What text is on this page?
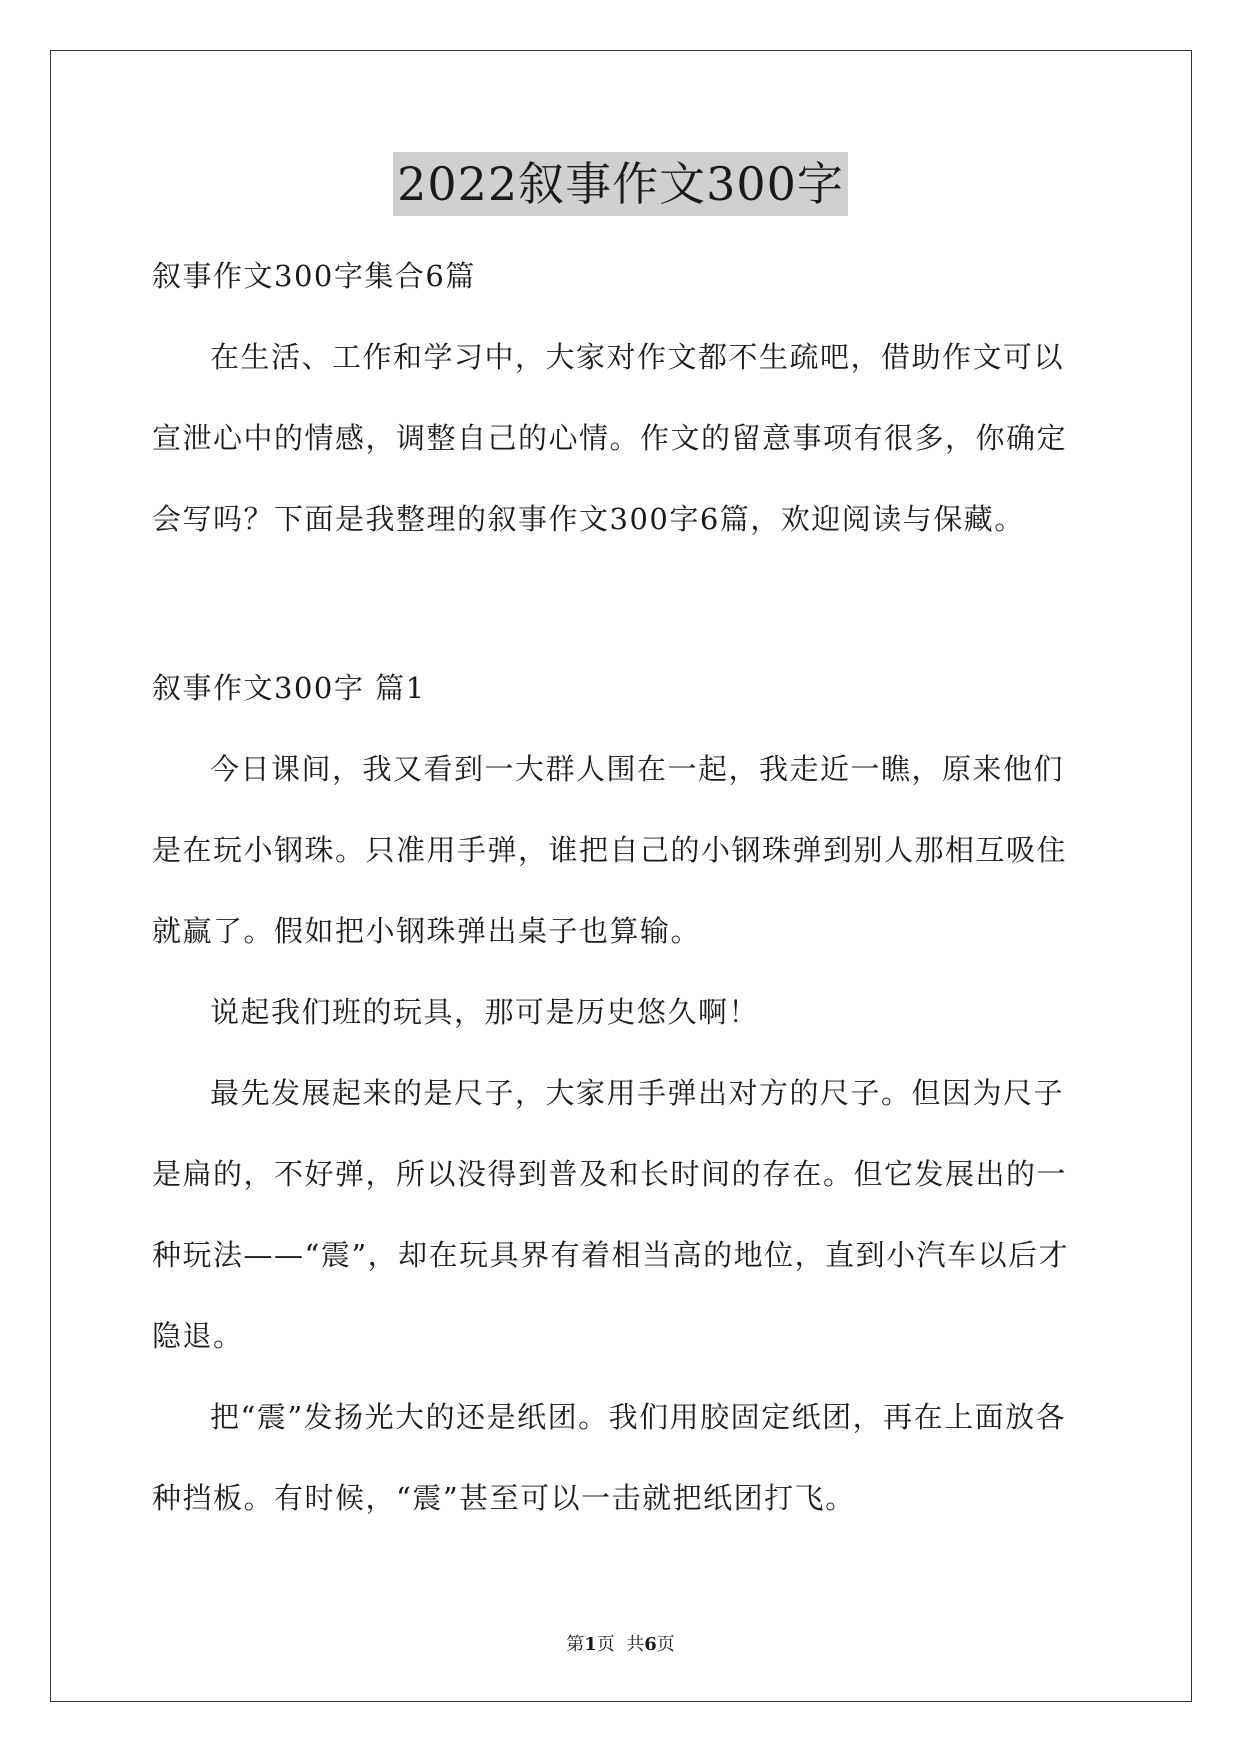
2022叙事作文300字

叙事作文300字集合6篇

在生活、工作和学习中，大家对作文都不生疏吧，借助作文可以宣泄心中的情感，调整自己的心情。作文的留意事项有很多，你确定会写吗？下面是我整理的叙事作文300字6篇，欢迎阅读与保藏。

叙事作文300字 篇1

今日课间，我又看到一大群人围在一起，我走近一瞧，原来他们是在玩小钢珠。只准用手弹，谁把自己的小钢珠弹到别人那相互吸住就赢了。假如把小钢珠弹出桌子也算输。

说起我们班的玩具，那可是历史悠久啊！

最先发展起来的是尺子，大家用手弹出对方的尺子。但因为尺子是扁的，不好弹，所以没得到普及和长时间的存在。但它发展出的一种玩法——“震”，却在玩具界有着相当高的地位，直到小汽车以后才隐退。

把“震”发扬光大的还是纸团。我们用胶固定纸团，再在上面放各种挡板。有时候，“震”甚至可以一击就把纸团打飞。

第1页  共6页
